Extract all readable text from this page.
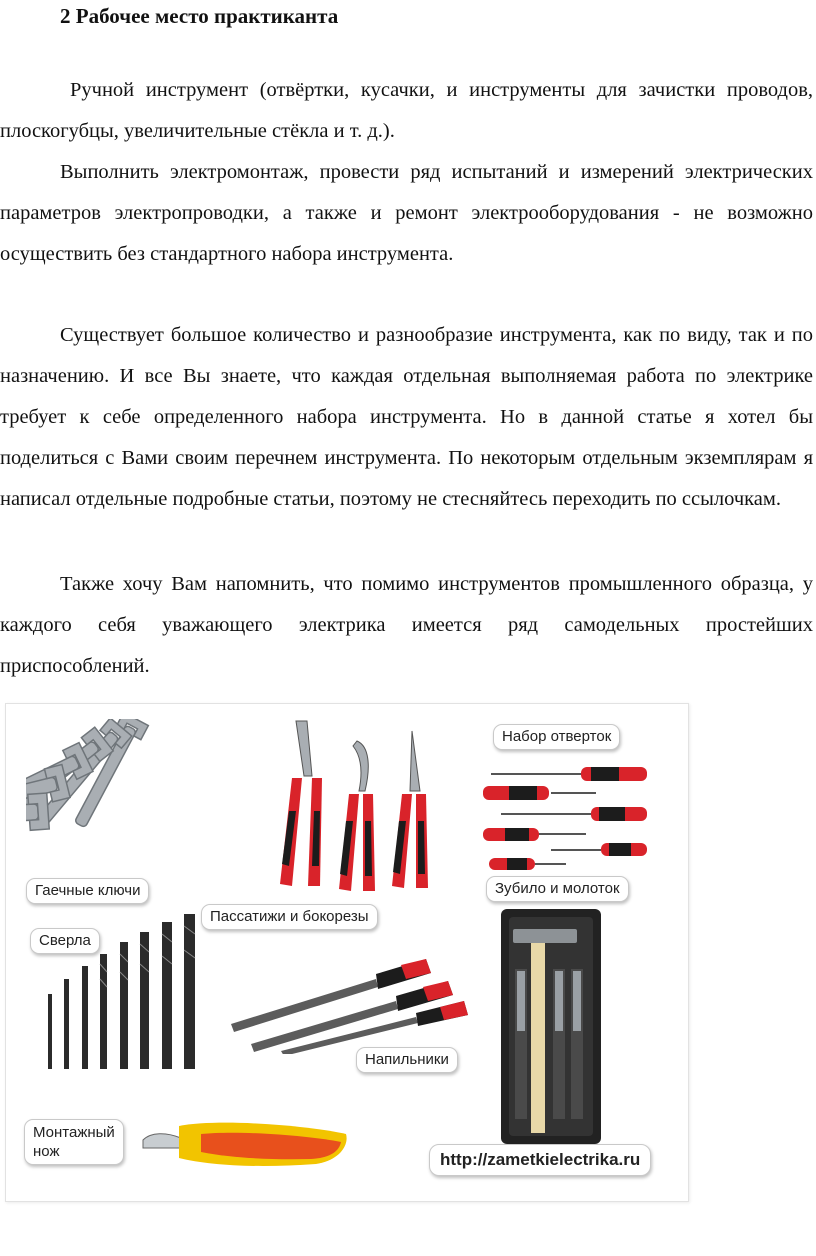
2 Рабочее место практиканта
Ручной инструмент (отвёртки, кусачки, и инструменты для зачистки проводов, плоскогубцы, увеличительные стёкла и т. д.).
Выполнить электромонтаж, провести ряд испытаний и измерений электрических параметров электропроводки, а также и ремонт электрооборудования - не возможно осуществить без стандартного набора инструмента.
Существует большое количество и разнообразие инструмента, как по виду, так и по назначению. И все Вы знаете, что каждая отдельная выполняемая работа по электрике требует к себе определенного набора инструмента. Но в данной статье я хотел бы поделиться с Вами своим перечнем инструмента. По некоторым отдельным экземплярам я написал отдельные подробные статьи, поэтому не стесняйтесь переходить по ссылочкам.
Также хочу Вам напомнить, что помимо инструментов промышленного образца, у каждого себя уважающего электрика имеется ряд самодельных простейших приспособлений.
Гаечные ключи
Пассатижи и бокорезы
Набор отверток
Зубило и молоток
Сверла
Напильники
Монтажный
нож	http://zametkielectrika.ru
